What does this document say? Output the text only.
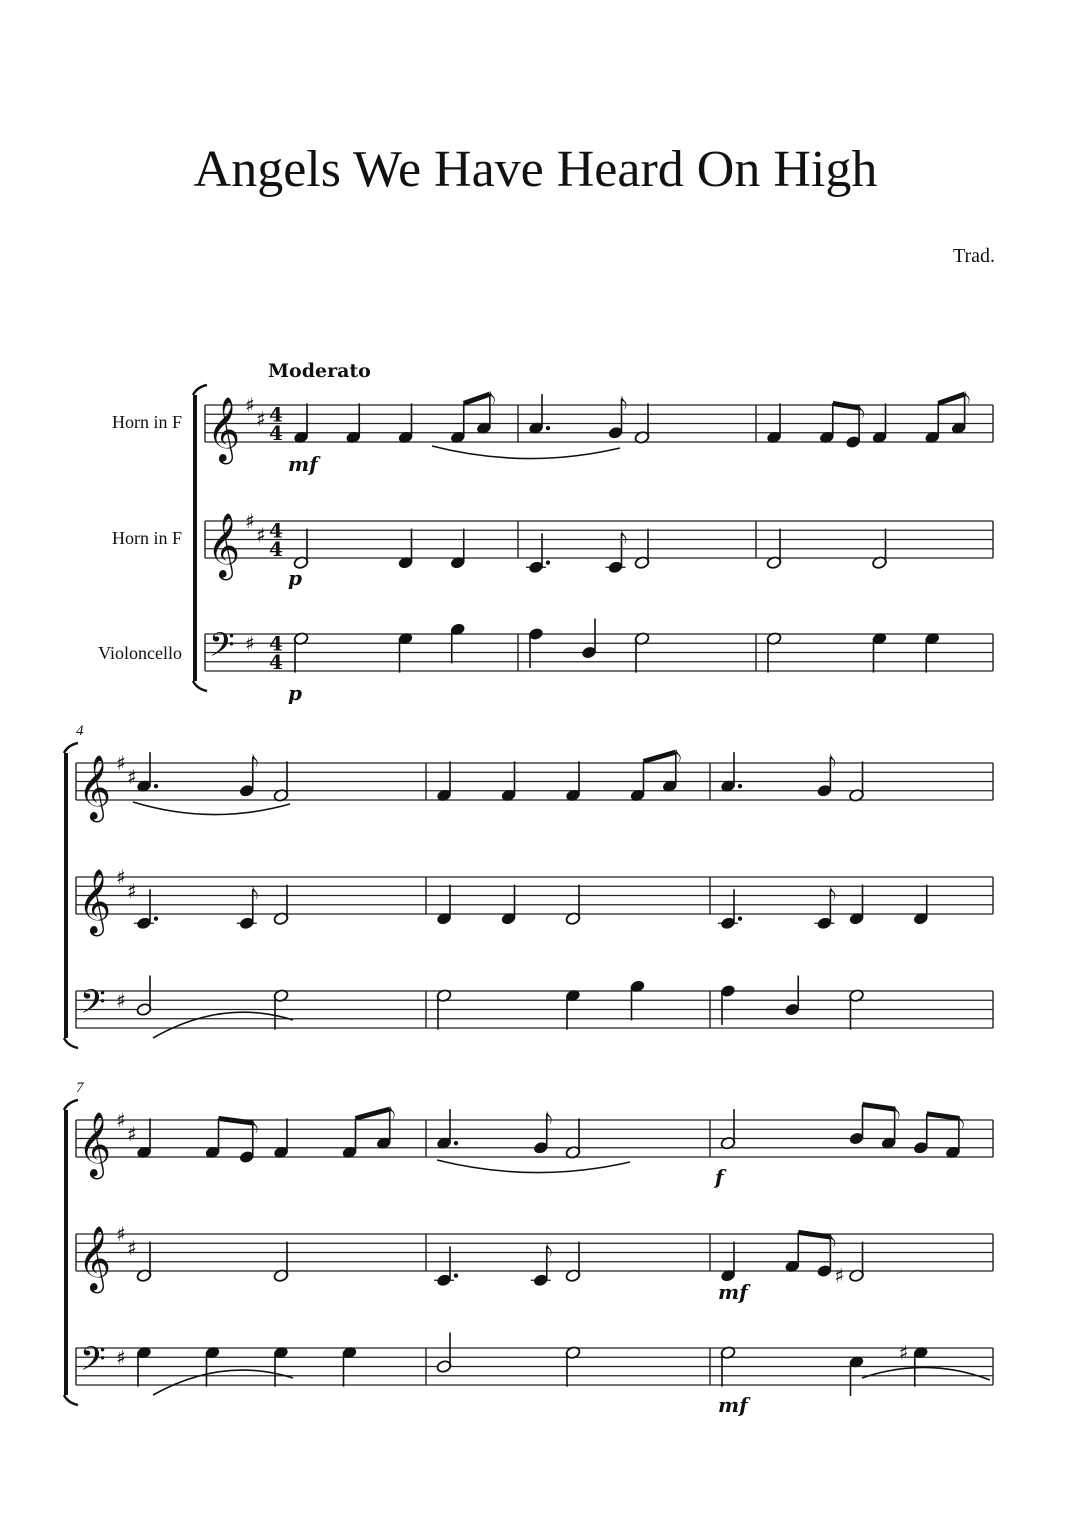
Angels We Have Heard On High
Trad.
Moderato
Horn in F
Horn in F
Violoncello
4
7
𝄞 ♯
♯ 4
4
𝅮	𝅮	𝅮
𝅮
𝄞 ♯
♯ 4
4	𝅮
𝄢 ♯ 4
4
𝄞 ♯
♯
𝅮	𝅮	𝅮
𝄞 ♯
♯	𝅮	𝅮
𝄢 ♯
𝄞 ♯
♯	𝅮
𝅮	𝅮	𝅮	𝅮
𝄞 ♯
♯	𝅮
♯
𝅮
𝄢 ♯	♯
mf
p
p
f
mf
mf
